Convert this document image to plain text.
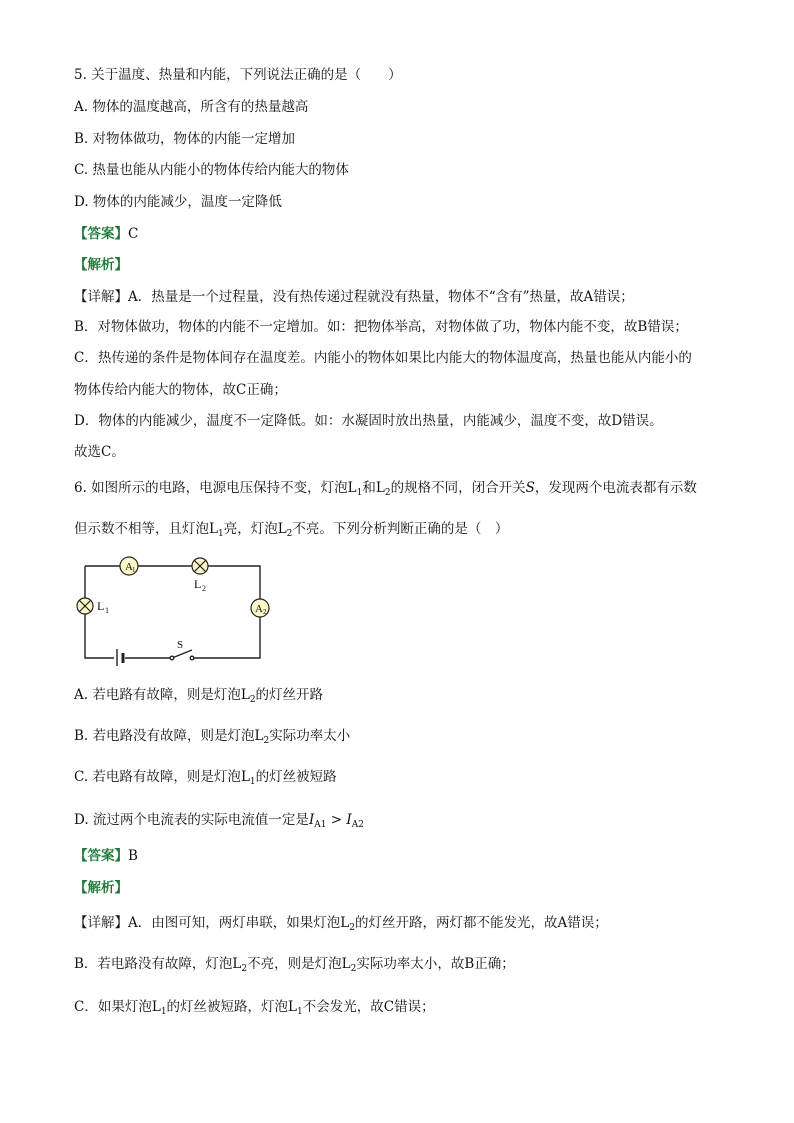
5. 关于温度、热量和内能，下列说法正确的是（　　）
A. 物体的温度越高，所含有的热量越高
B. 对物体做功，物体的内能一定增加
C. 热量也能从内能小的物体传给内能大的物体
D. 物体的内能减少，温度一定降低
【答案】C
【解析】
【详解】A．热量是一个过程量，没有热传递过程就没有热量，物体不“含有”热量，故A错误；
B．对物体做功，物体的内能不一定增加。如：把物体举高，对物体做了功，物体内能不变，故B错误；
C．热传递的条件是物体间存在温度差。内能小的物体如果比内能大的物体温度高，热量也能从内能小的
物体传给内能大的物体，故C正确；
D．物体的内能减少，温度不一定降低。如：水凝固时放出热量，内能减少，温度不变，故D错误。
故选C。
6. 如图所示的电路，电源电压保持不变，灯泡$L_1$和$L_2$的规格不同，闭合开关S，发现两个电流表都有示数
但示数不相等，且灯泡$L_1$亮，灯泡$L_2$不亮。下列分析判断正确的是（　）
A 1
A 2
L 2
L 1
S
A. 若电路有故障，则是灯泡$L_2$的灯丝开路
B. 若电路没有故障，则是灯泡$L_2$实际功率太小
C. 若电路有故障，则是灯泡$L_1$的灯丝被短路
D. 流过两个电流表的实际电流值一定是$I_{A1} > I_{A2}$
【答案】B
【解析】
【详解】A．由图可知，两灯串联，如果灯泡$L_2$的灯丝开路，两灯都不能发光，故A错误；
B．若电路没有故障，灯泡$L_2$不亮，则是灯泡$L_2$实际功率太小，故B正确；
C．如果灯泡$L_1$的灯丝被短路，灯泡$L_1$不会发光，故C错误；
